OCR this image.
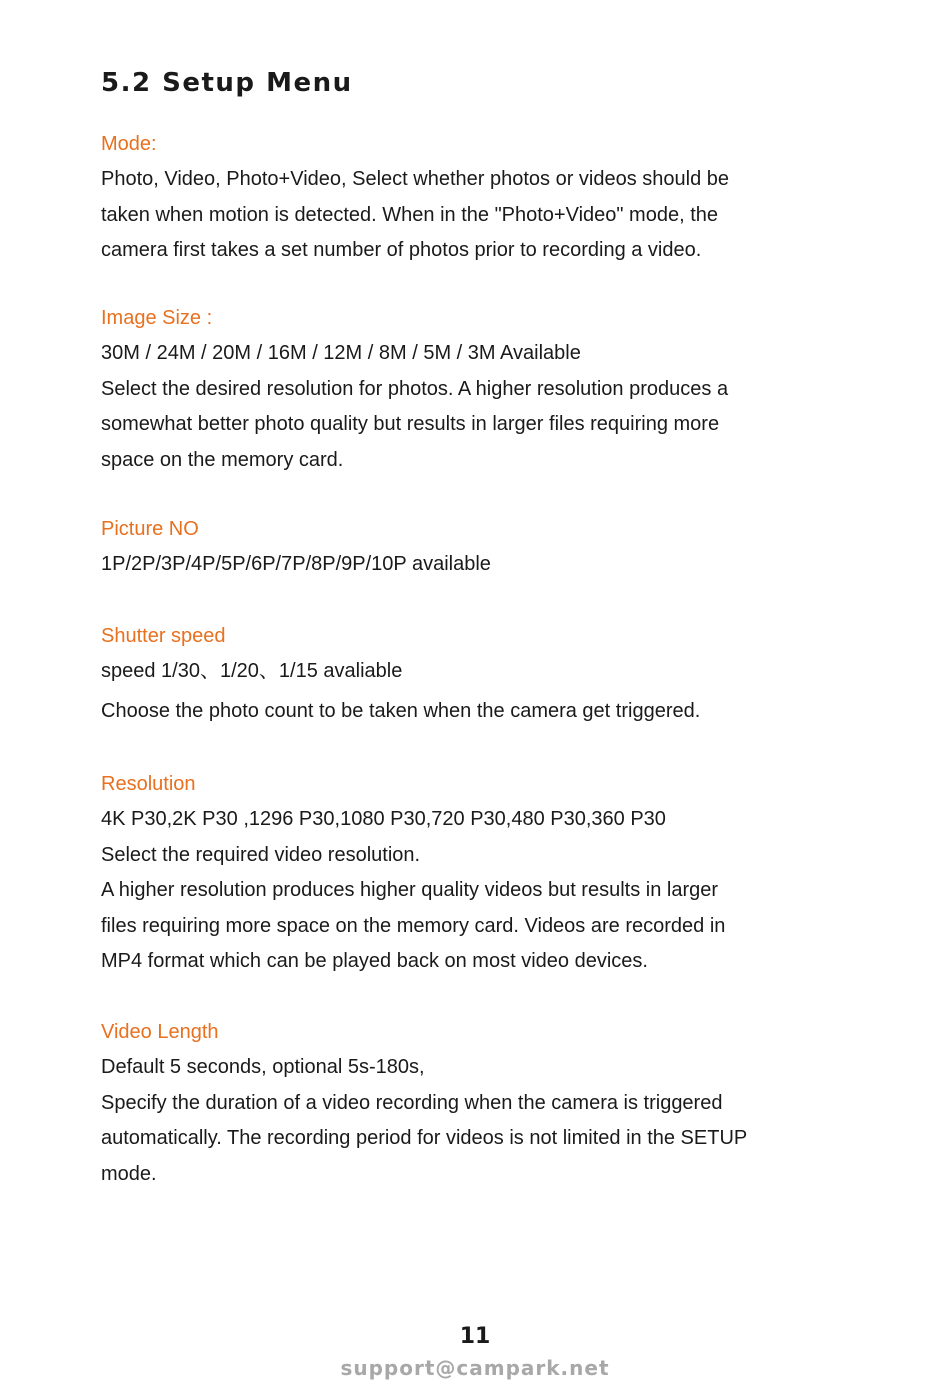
5.2 Setup Menu
Mode:
Photo, Video, Photo+Video, Select whether photos or videos should be
taken when motion is detected. When in the "Photo+Video" mode, the
camera first takes a set number of photos prior to recording a video.
Image Size :
30M / 24M / 20M / 16M / 12M / 8M / 5M / 3M Available
Select the desired resolution for photos. A higher resolution produces a
somewhat better photo quality but results in larger files requiring more
space on the memory card.
Picture NO
1P/2P/3P/4P/5P/6P/7P/8P/9P/10P available
Shutter speed
speed 1/30、1/20、1/15 avaliable
Choose the photo count to be taken when the camera get triggered.
Resolution
4K P30,2K P30 ,1296 P30,1080 P30,720 P30,480 P30,360 P30
Select the required video resolution.
A higher resolution produces higher quality videos but results in larger
files requiring more space on the memory card. Videos are recorded in
MP4 format which can be played back on most video devices.
Video Length
Default 5 seconds, optional 5s-180s,
Specify the duration of a video recording when the camera is triggered
automatically. The recording period for videos is not limited in the SETUP
mode.
11
support@campark.net
